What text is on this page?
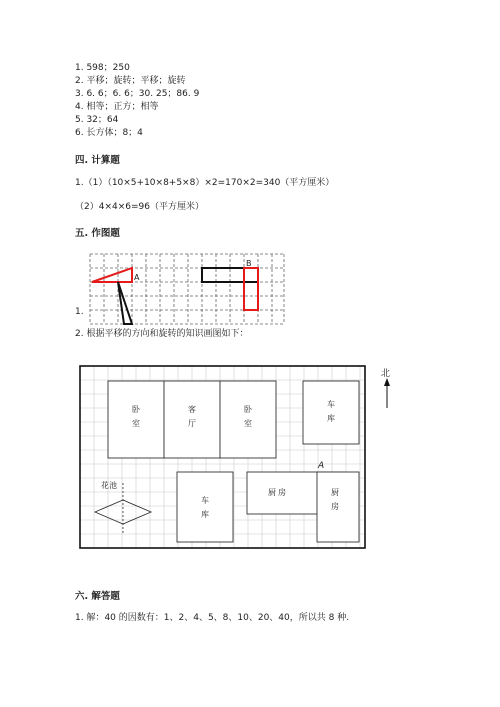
1. 598；250
2. 平移；旋转；平移；旋转
3. 6. 6；6. 6；30. 25；86. 9
4. 相等；正方；相等
5. 32；64
6. 长方体；8；4
四. 计算题
1.（1）（10×5+10×8+5×8）×2=170×2=340（平方厘米）
（2）4×4×6=96（平方厘米）
五. 作图题
A
B
1.
2. 根据平移的方向和旋转的知识画图如下：
北
卧
室
客
厅
卧
室
车
库
车
库
厨 房	厨
房
A
花池
六. 解答题
1. 解：40 的因数有：1、2、4、5、8、10、20、40，所以共 8 种.
